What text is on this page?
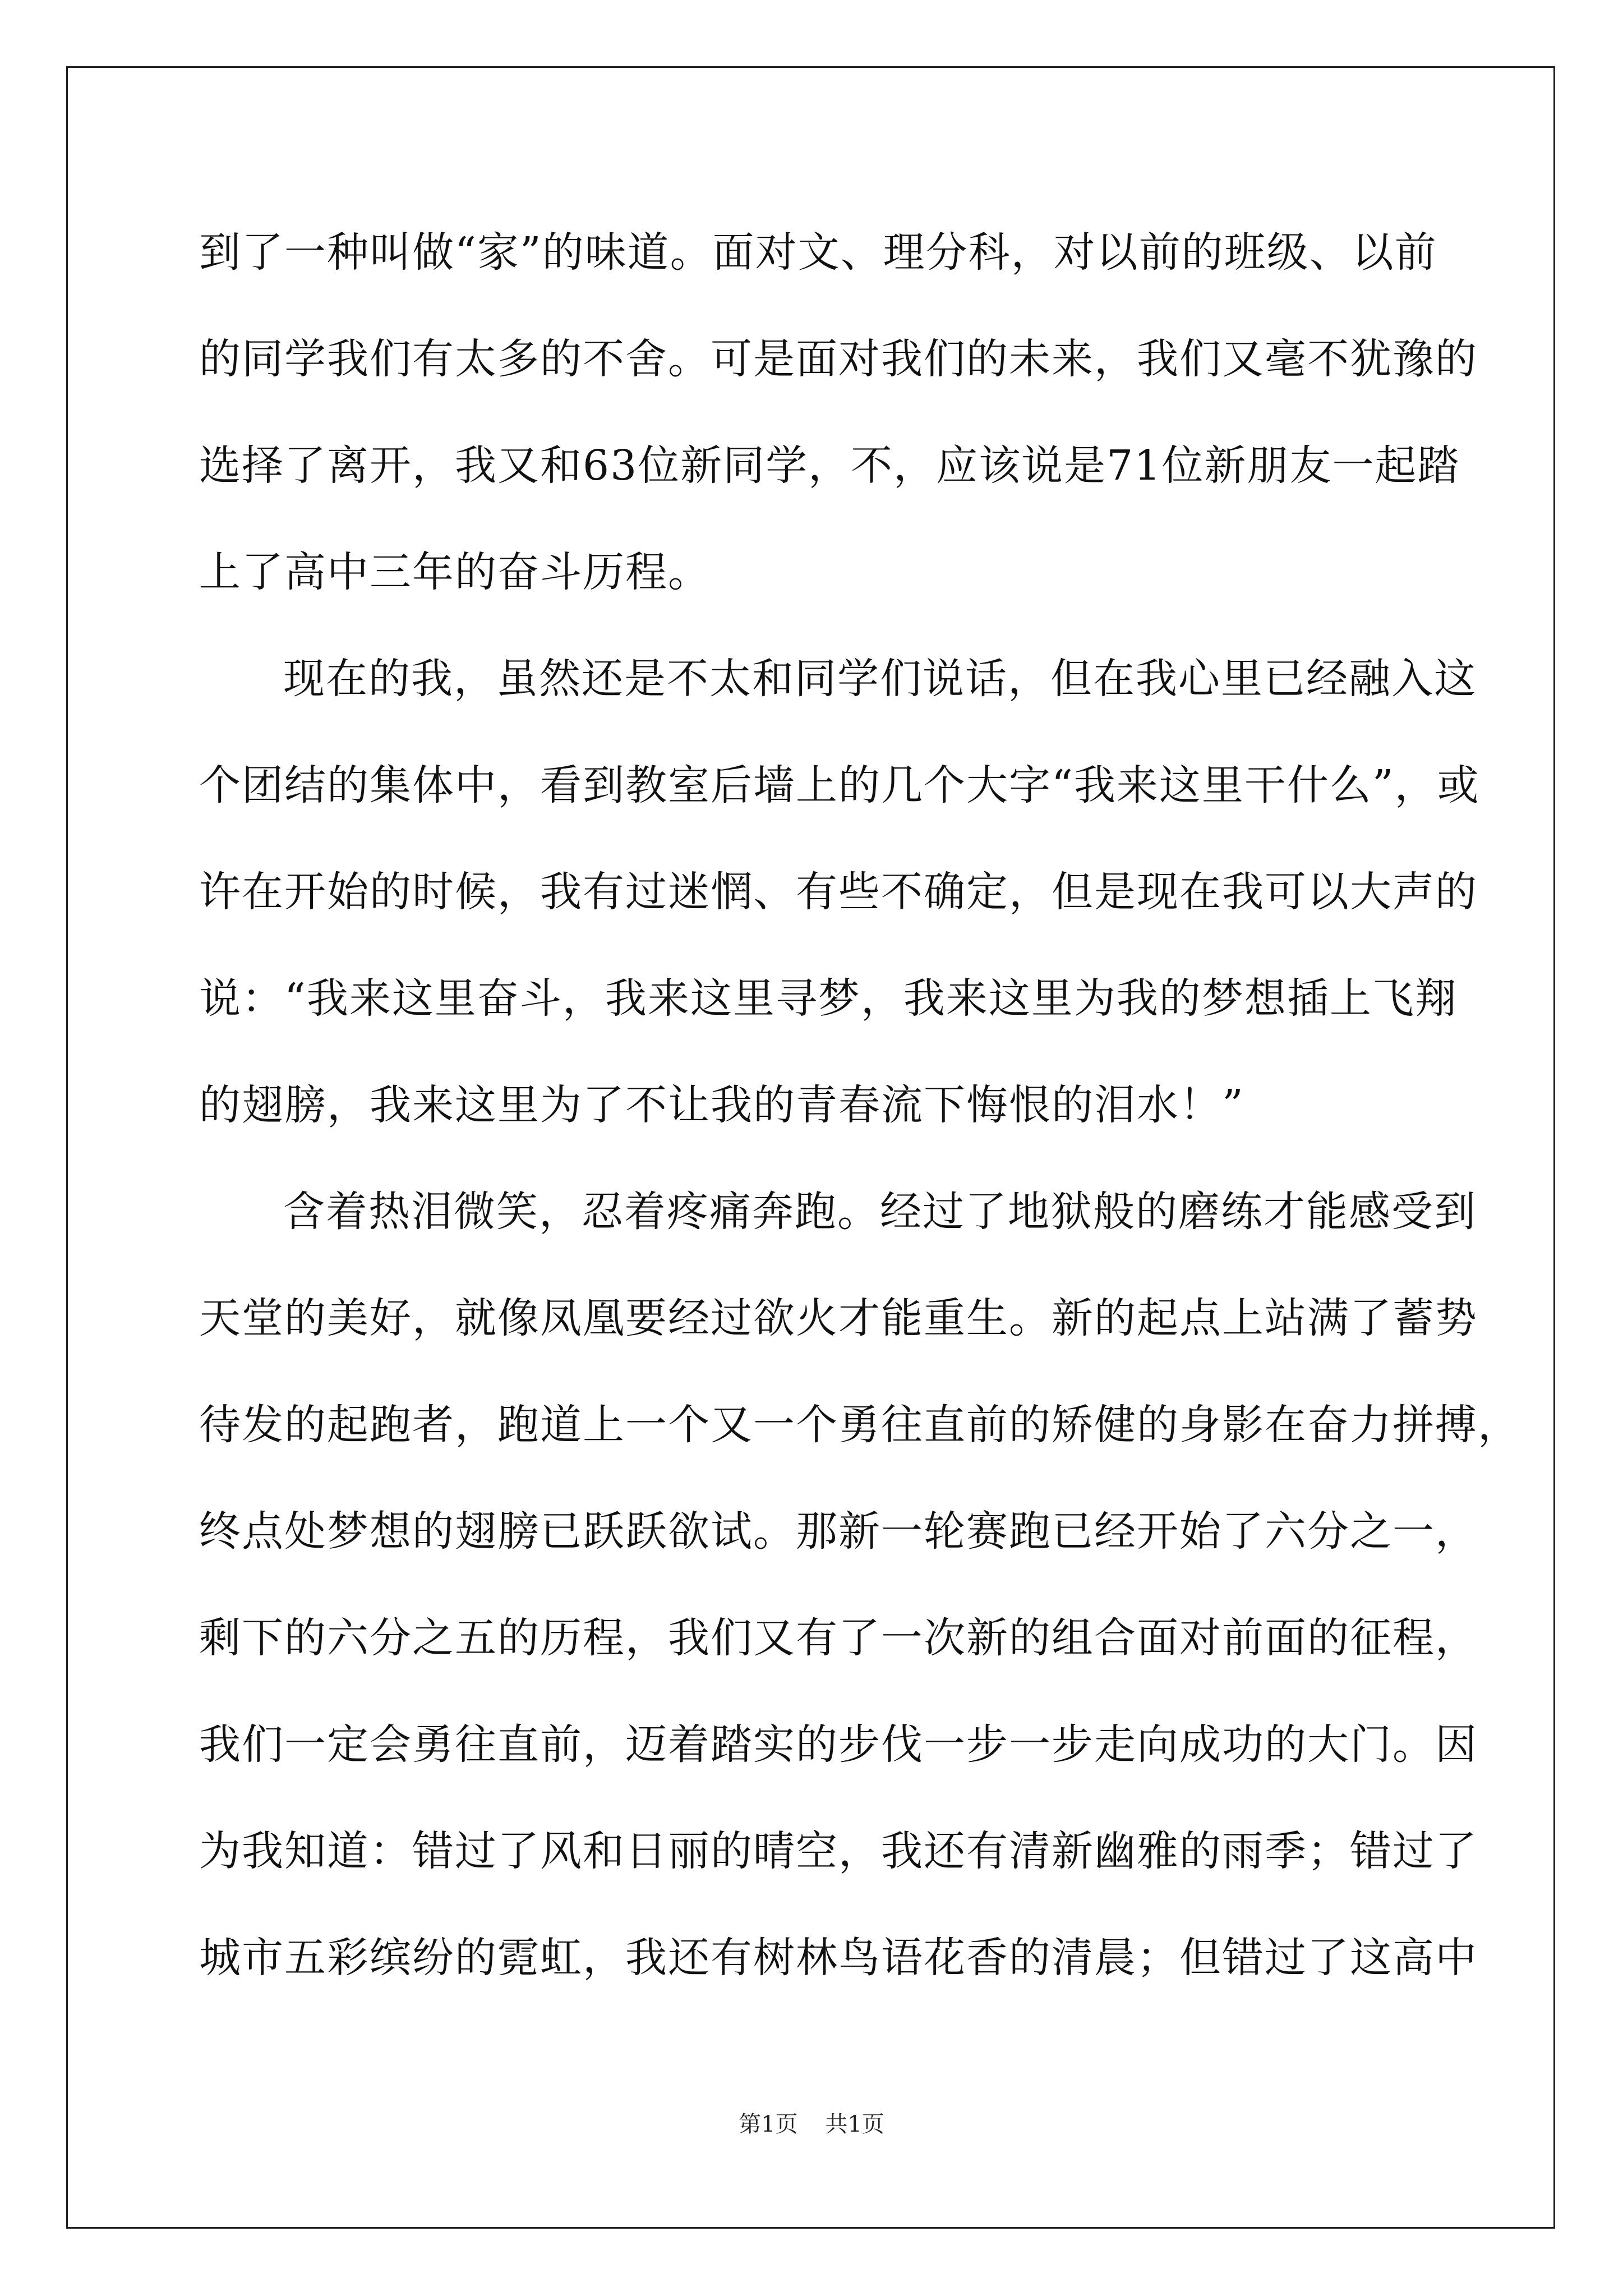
到了一种叫做“家”的味道。面对文、理分科，对以前的班级、以前
的同学我们有太多的不舍。可是面对我们的未来，我们又毫不犹豫的
选择了离开，我又和63位新同学，不，应该说是71位新朋友一起踏
上了高中三年的奋斗历程。
现在的我，虽然还是不太和同学们说话，但在我心里已经融入这
个团结的集体中，看到教室后墙上的几个大字“我来这里干什么”，或
许在开始的时候，我有过迷惘、有些不确定，但是现在我可以大声的
说：“我来这里奋斗，我来这里寻梦，我来这里为我的梦想插上飞翔
的翅膀，我来这里为了不让我的青春流下悔恨的泪水！”
含着热泪微笑，忍着疼痛奔跑。经过了地狱般的磨练才能感受到
天堂的美好，就像凤凰要经过欲火才能重生。新的起点上站满了蓄势
待发的起跑者，跑道上一个又一个勇往直前的矫健的身影在奋力拼搏，
终点处梦想的翅膀已跃跃欲试。那新一轮赛跑已经开始了六分之一，
剩下的六分之五的历程，我们又有了一次新的组合面对前面的征程，
我们一定会勇往直前，迈着踏实的步伐一步一步走向成功的大门。因
为我知道：错过了风和日丽的晴空，我还有清新幽雅的雨季；错过了
城市五彩缤纷的霓虹，我还有树林鸟语花香的清晨；但错过了这高中
第1页 共1页
